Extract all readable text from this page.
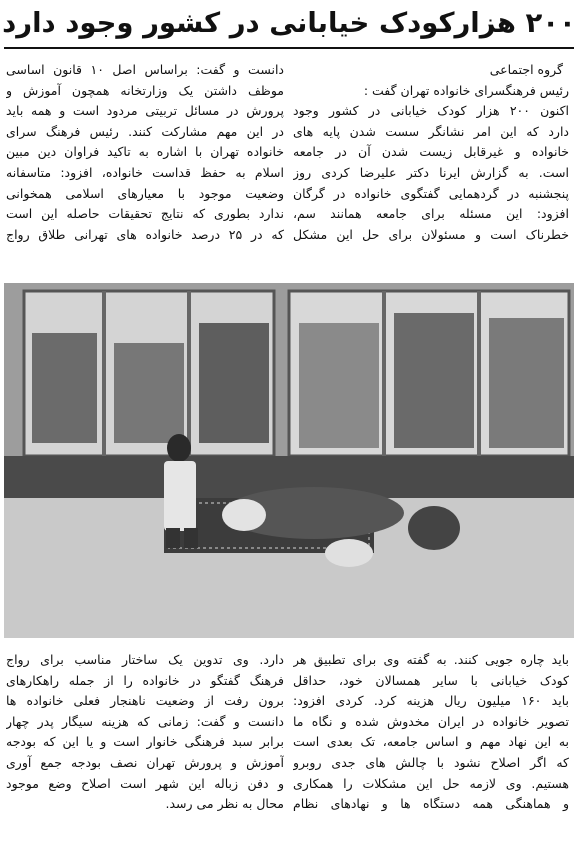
۲۰۰ هزارکودک خیابانی در کشور وجود دارد

گروه اجتماعی

رئیس فرهنگسرای خانواده تهران گفت :

اکنون ۲۰۰ هزار کودک خیابانی در کشور وجود

دارد که این امر نشانگر سست شدن پایه های

خانواده و غیرقابل زیست شدن آن در جامعه

است. به گزارش ایرنا دکتر علیرضا کردی روز

پنجشنبه در گردهمایی گفتگوی خانواده در گرگان

افزود: این مسئله برای جامعه همانند سم،

خطرناک است و مسئولان برای حل این مشکل

دانست و گفت: براساس اصل ۱۰ قانون اساسی

موظف داشتن یک وزارتخانه همچون آموزش و

پرورش در مسائل تربیتی مردود است و همه باید

در این مهم مشارکت کنند. رئیس فرهنگ سرای

خانواده تهران با اشاره به تاکید فراوان دین مبین

اسلام به حفظ قداست خانواده، افزود: متاسفانه

وضعیت موجود با معیارهای اسلامی همخوانی

ندارد بطوری که نتایج تحقیقات حاصله این است

که در ۲۵ درصد خانواده های تهرانی طلاق رواج

باید چاره جویی کنند. به گفته وی برای تطبیق هر

کودک خیابانی با سایر همسالان خود، حداقل

باید ۱۶۰ میلیون ریال هزینه کرد. کردی افزود:

تصویر خانواده در ایران مخدوش شده و نگاه ما

به این نهاد مهم و اساس جامعه، تک بعدی است

که اگر اصلاح نشود با چالش های جدی روبرو

هستیم. وی لازمه حل این مشکلات را همکاری

و هماهنگی همه دستگاه ها و نهادهای نظام

دارد. وی تدوین یک ساختار مناسب برای رواج

فرهنگ گفتگو در خانواده را از جمله راهکارهای

برون رفت از وضعیت ناهنجار فعلی خانواده ها

دانست و گفت: زمانی که هزینه سیگار پدر چهار

برابر سبد فرهنگی خانوار است و یا این که بودجه

آموزش و پرورش تهران نصف بودجه جمع آوری

و دفن زباله این شهر است اصلاح وضع موجود

محال به نظر می رسد.
